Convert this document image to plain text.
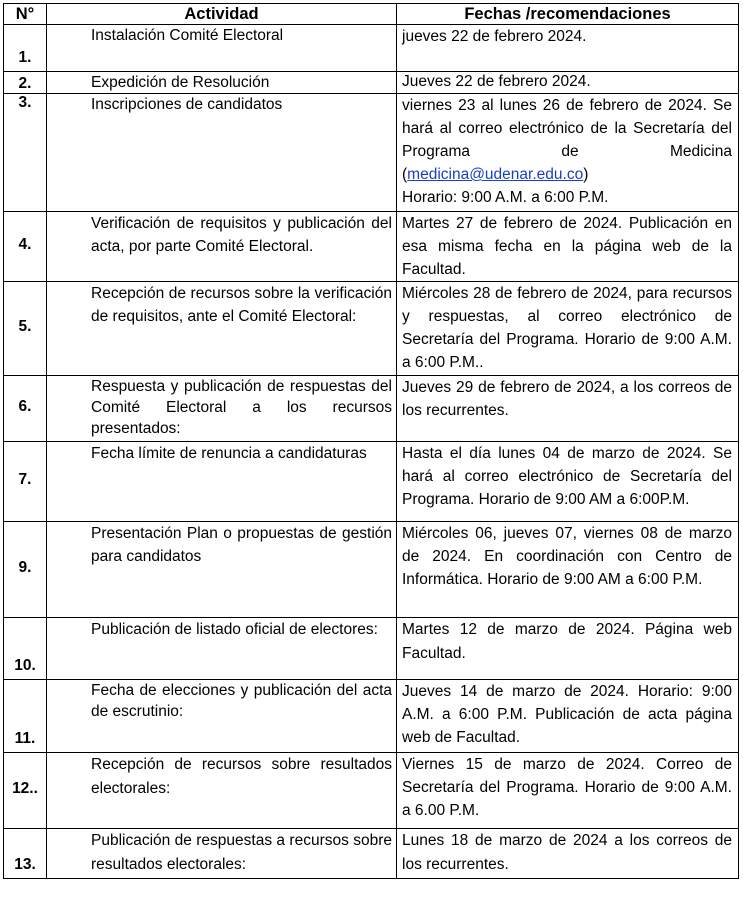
N°	Actividad	Fechas /recomendaciones
1.	Instalación Comité Electoral	jueves 22 de febrero 2024.
2.	Expedición de Resolución	Jueves 22 de febrero 2024.
3.	Inscripciones de candidatos	viernes 23 al lunes 26 de febrero de 2024. Se hará al correo electrónico de la Secretaría del Programa de Medicina (medicina@udenar.edu.co)
Horario: 9:00 A.M. a 6:00 P.M.
4.	Verificación de requisitos y publicación del acta, por parte Comité Electoral.	Martes 27 de febrero de 2024. Publicación en esa misma fecha en la página web de la Facultad.
5.	Recepción de recursos sobre la verificación de requisitos, ante el Comité Electoral:	Miércoles 28 de febrero de 2024, para recursos y respuestas, al correo electrónico de Secretaría del Programa. Horario de 9:00 A.M. a 6:00 P.M..
6.	Respuesta y publicación de respuestas del Comité Electoral a los recursos presentados:	Jueves 29 de febrero de 2024, a los correos de los recurrentes.
7.	Fecha límite de renuncia a candidaturas	Hasta el día lunes 04 de marzo de 2024. Se hará al correo electrónico de Secretaría del Programa. Horario de 9:00 AM a 6:00P.M.
9.	Presentación Plan o propuestas de gestión para candidatos	Miércoles 06, jueves 07, viernes 08 de marzo de 2024. En coordinación con Centro de Informática. Horario de 9:00 AM a 6:00 P.M.
10.	Publicación de listado oficial de electores:	Martes 12 de marzo de 2024. Página web Facultad.
11.	Fecha de elecciones y publicación del acta de escrutinio:	Jueves 14 de marzo de 2024. Horario: 9:00 A.M. a 6:00 P.M. Publicación de acta página web de Facultad.
12..	Recepción de recursos sobre resultados electorales:	Viernes 15 de marzo de 2024. Correo de Secretaría del Programa. Horario de 9:00 A.M. a 6.00 P.M.
13.	Publicación de respuestas a recursos sobre resultados electorales:	Lunes 18 de marzo de 2024 a los correos de los recurrentes.
